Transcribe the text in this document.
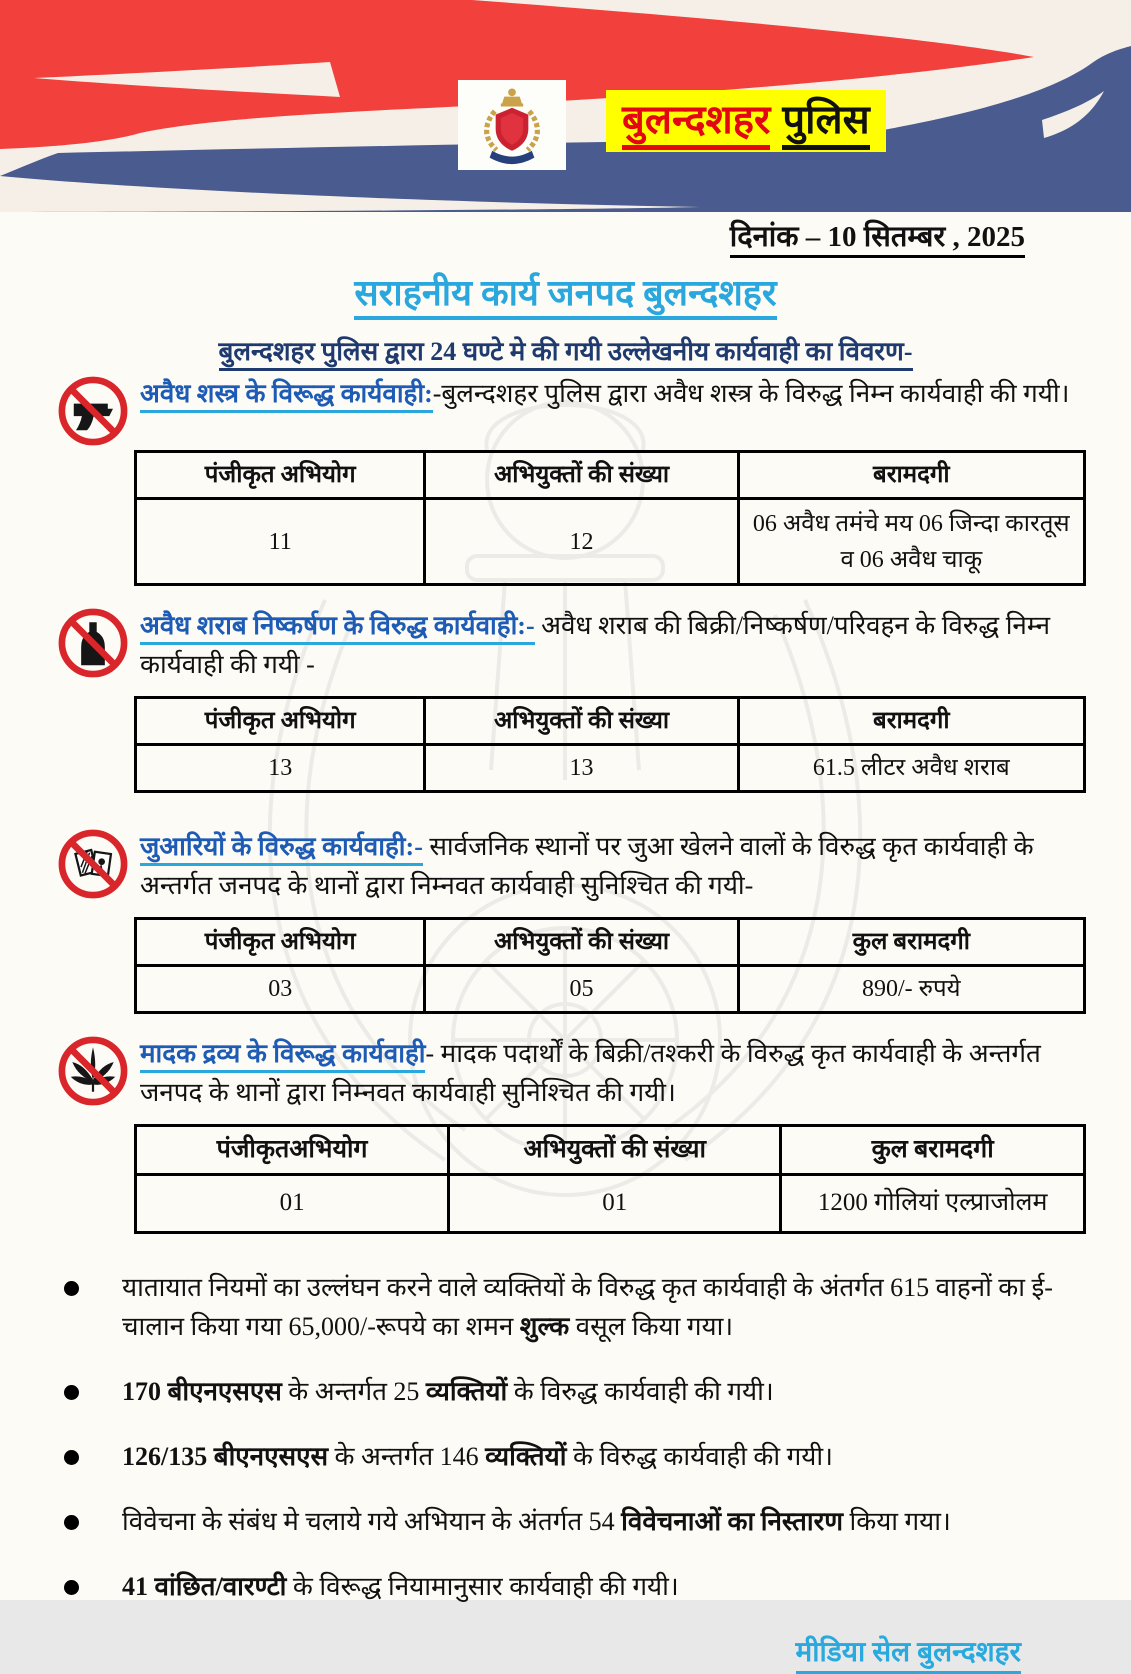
बुलन्दशहर पुलिस
दिनांक – 10 सितम्बर , 2025
सराहनीय कार्य जनपद बुलन्दशहर
बुलन्दशहर पुलिस द्वारा 24 घण्टे मे की गयी उल्लेखनीय कार्यवाही का विवरण-

अवैध शस्त्र के विरूद्ध कार्यवाही:-बुलन्दशहर पुलिस द्वारा अवैध शस्त्र के विरुद्ध निम्न कार्यवाही की गयी।

पंजीकृत अभियोग	अभियुक्तों की संख्या	बरामदगी
11	12	06 अवैध तमंचे मय 06 जिन्दा कारतूस व 06 अवैध चाकू

अवैध शराब निष्कर्षण के विरुद्ध कार्यवाही:- अवैध शराब की बिक्री/निष्कर्षण/परिवहन के विरुद्ध निम्न कार्यवाही की गयी -

पंजीकृत अभियोग	अभियुक्तों की संख्या	बरामदगी
13	13	61.5 लीटर अवैध शराब

जुआरियों के विरुद्ध कार्यवाही:- सार्वजनिक स्थानों पर जुआ खेलने वालों के विरुद्ध कृत कार्यवाही के अन्तर्गत जनपद के थानों द्वारा निम्नवत कार्यवाही सुनिश्चित की गयी-

पंजीकृत अभियोग	अभियुक्तों की संख्या	कुल बरामदगी
03	05	890/- रुपये

मादक द्रव्य के विरूद्ध कार्यवाही- मादक पदार्थों के बिक्री/तश्करी के विरुद्ध कृत कार्यवाही के अन्तर्गत जनपद के थानों द्वारा निम्नवत कार्यवाही सुनिश्चित की गयी।

पंजीकृतअभियोग	अभियुक्तों की संख्या	कुल बरामदगी
01	01	1200 गोलियां एल्प्राजोलम
यातायात नियमों का उल्लंघन करने वाले व्यक्तियों के विरुद्ध कृत कार्यवाही के अंतर्गत 615 वाहनों का ई-चालान किया गया 65,000/-रूपये का शमन शुल्क वसूल किया गया।
170 बीएनएसएस के अन्तर्गत 25 व्यक्तियों के विरुद्ध कार्यवाही की गयी।
126/135 बीएनएसएस के अन्तर्गत 146 व्यक्तियों के विरुद्ध कार्यवाही की गयी।
विवेचना के संबंध मे चलाये गये अभियान के अंतर्गत 54 विवेचनाओं का निस्तारण किया गया।
41 वांछित/वारण्टी के विरूद्ध नियामानुसार कार्यवाही की गयी।
मीडिया सेल बुलन्दशहर
